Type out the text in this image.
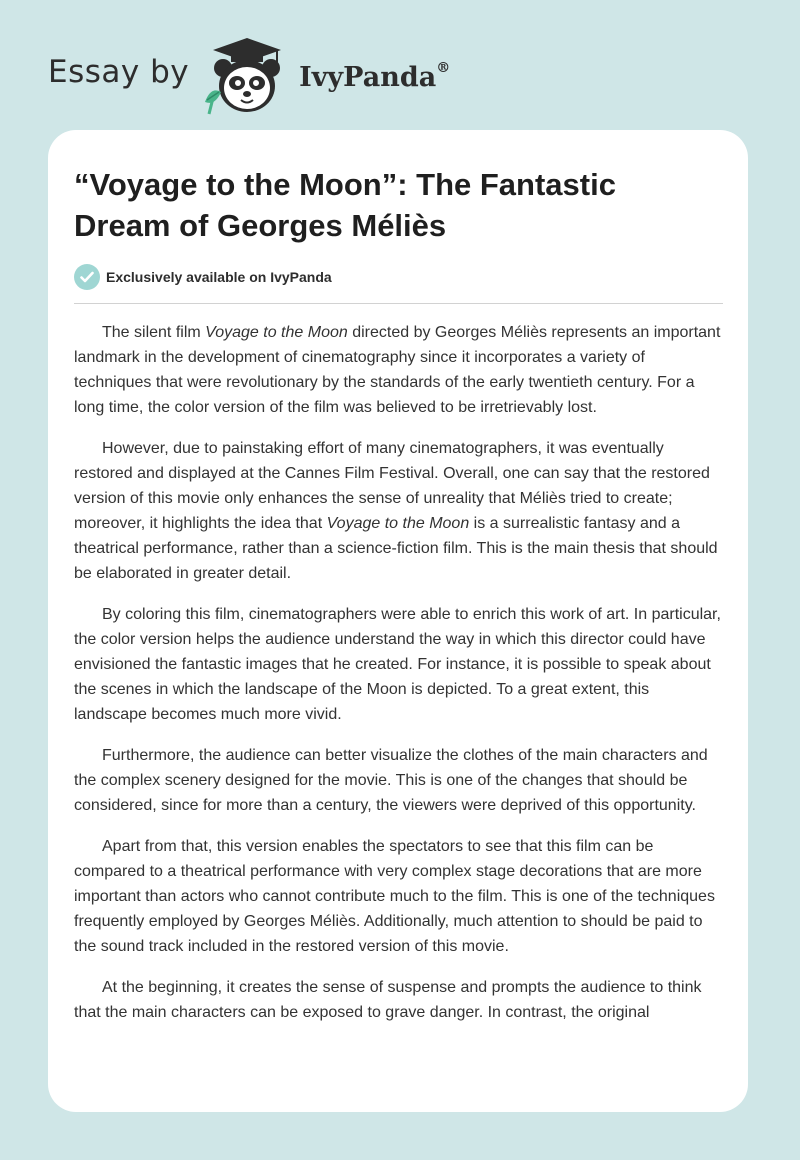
Essay by	IvyPanda®
“Voyage to the Moon”: The Fantastic Dream of Georges Méliès
Exclusively available on IvyPanda

The silent film Voyage to the Moon directed by Georges Méliès represents an important landmark in the development of cinematography since it incorporates a variety of techniques that were revolutionary by the standards of the early twentieth century. For a long time, the color version of the film was believed to be irretrievably lost.

However, due to painstaking effort of many cinematographers, it was eventually restored and displayed at the Cannes Film Festival. Overall, one can say that the restored version of this movie only enhances the sense of unreality that Méliès tried to create; moreover, it highlights the idea that Voyage to the Moon is a surrealistic fantasy and a theatrical performance, rather than a science-fiction film. This is the main thesis that should be elaborated in greater detail.

By coloring this film, cinematographers were able to enrich this work of art. In particular, the color version helps the audience understand the way in which this director could have envisioned the fantastic images that he created. For instance, it is possible to speak about the scenes in which the landscape of the Moon is depicted. To a great extent, this landscape becomes much more vivid.

Furthermore, the audience can better visualize the clothes of the main characters and the complex scenery designed for the movie. This is one of the changes that should be considered, since for more than a century, the viewers were deprived of this opportunity.

Apart from that, this version enables the spectators to see that this film can be compared to a theatrical performance with very complex stage decorations that are more important than actors who cannot contribute much to the film. This is one of the techniques frequently employed by Georges Méliès. Additionally, much attention to should be paid to the sound track included in the restored version of this movie.

At the beginning, it creates the sense of suspense and prompts the audience to think that the main characters can be exposed to grave danger. In contrast, the original
